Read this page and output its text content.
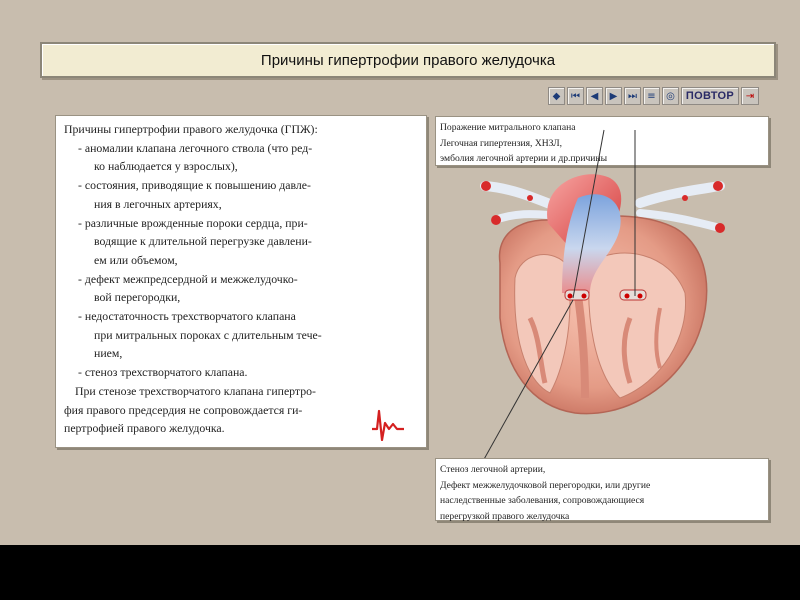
Причины гипертрофии правого желудочка
◆	⏮	◀	▶	⏭	≡	◎	ПОВТОР	⇥
Причины гипертрофии правого желудочка (ГПЖ):
- аномалии клапана легочного ствола (что ред-
ко наблюдается у взрослых),
- состояния, приводящие к повышению давле-
ния в легочных артериях,
- различные врожденные пороки сердца, при-
водящие к длительной перегрузке давлени-
ем или объемом,
- дефект межпредсердной и межжелудочко-
вой перегородки,
- недостаточность трехстворчатого клапана
при митральных пороках с длительным тече-
нием,
- стеноз трехстворчатого клапана.
При стенозе трехстворчатого клапана гипертро-
фия правого предсердия не сопровождается ги-
пертрофией правого желудочка.
Поражение митрального клапана
Легочная гипертензия, ХНЗЛ,
эмболия легочной артерии и др.причины
Стеноз легочной артерии,
Дефект межжелудочковой перегородки, или другие
наследственные заболевания, сопровождающиеся
перегрузкой правого желудочка
